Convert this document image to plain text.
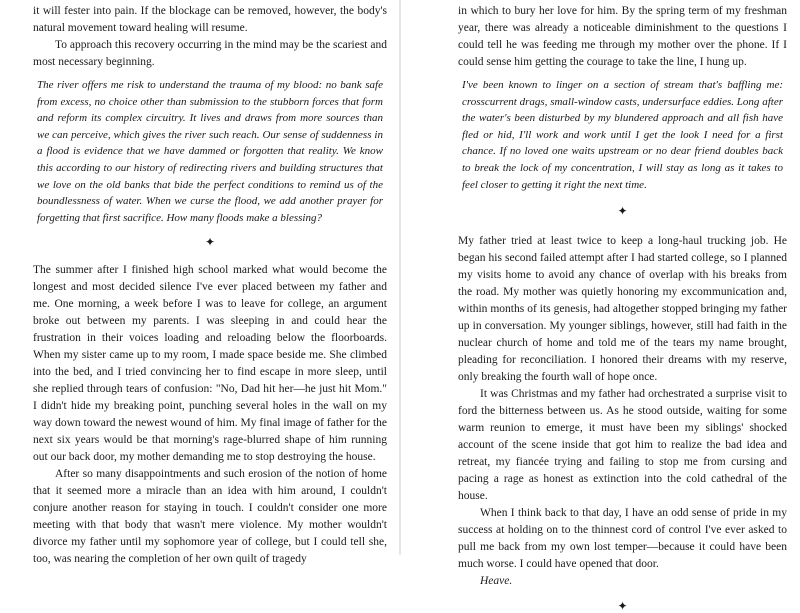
it will fester into pain. If the blockage can be removed, however, the body's natural movement toward healing will resume.

To approach this recovery occurring in the mind may be the scariest and most necessary beginning.

The river offers me risk to understand the trauma of my blood: no bank safe from excess, no choice other than submission to the stubborn forces that form and reform its complex circuitry. It lives and draws from more sources than we can perceive, which gives the river such reach. Our sense of suddenness in a flood is evidence that we have dammed or forgotten that reality. We know this according to our history of redirecting rivers and building structures that we love on the old banks that bide the perfect conditions to remind us of the boundlessness of water. When we curse the flood, we add another prayer for forgetting that first sacrifice. How many floods make a blessing?

✦

The summer after I finished high school marked what would become the longest and most decided silence I've ever placed between my father and me. One morning, a week before I was to leave for college, an argument broke out between my parents. I was sleeping in and could hear the frustration in their voices loading and reloading below the floorboards. When my sister came up to my room, I made space beside me. She climbed into the bed, and I tried convincing her to find escape in more sleep, until she replied through tears of confusion: "No, Dad hit her—he just hit Mom." I didn't hide my breaking point, punching several holes in the wall on my way down toward the newest wound of him. My final image of father for the next six years would be that morning's rage-blurred shape of him running out our back door, my mother demanding me to stop destroying the house.

After so many disappointments and such erosion of the notion of home that it seemed more a miracle than an idea with him around, I couldn't conjure another reason for staying in touch. I couldn't consider one more meeting with that body that wasn't mere violence. My mother wouldn't divorce my father until my sophomore year of college, but I could tell she, too, was nearing the completion of her own quilt of tragedy

in which to bury her love for him. By the spring term of my freshman year, there was already a noticeable diminishment to the questions I could tell he was feeding me through my mother over the phone. If I could sense him getting the courage to take the line, I hung up.

I've been known to linger on a section of stream that's baffling me: crosscurrent drags, small-window casts, undersurface eddies. Long after the water's been disturbed by my blundered approach and all fish have fled or hid, I'll work and work until I get the look I need for a first chance. If no loved one waits upstream or no dear friend doubles back to break the lock of my concentration, I will stay as long as it takes to feel closer to getting it right the next time.

✦

My father tried at least twice to keep a long-haul trucking job. He began his second failed attempt after I had started college, so I planned my visits home to avoid any chance of overlap with his breaks from the road. My mother was quietly honoring my excommunication and, within months of its genesis, had altogether stopped bringing my father up in conversation. My younger siblings, however, still had faith in the nuclear church of home and told me of the tears my name brought, pleading for reconciliation. I honored their dreams with my reserve, only breaking the fourth wall of hope once.

It was Christmas and my father had orchestrated a surprise visit to ford the bitterness between us. As he stood outside, waiting for some warm reunion to emerge, it must have been my siblings' shocked account of the scene inside that got him to realize the bad idea and retreat, my fiancée trying and failing to stop me from cursing and pacing a rage as honest as extinction into the cold cathedral of the house.

When I think back to that day, I have an odd sense of pride in my success at holding on to the thinnest cord of control I've ever asked to pull me back from my own lost temper—because it could have been much worse. I could have opened that door.

Heave.

✦
